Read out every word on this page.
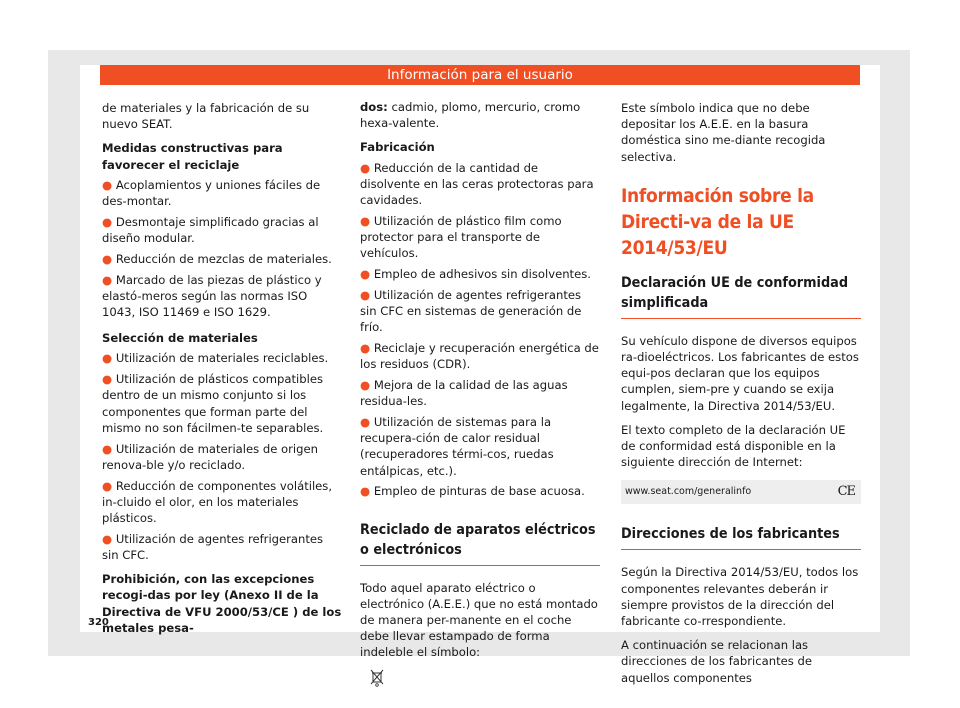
Información para el usuario

de materiales y la fabricación de su nuevo SEAT.

Medidas constructivas para favorecer el reciclaje

● Acoplamientos y uniones fáciles de des-montar.

● Desmontaje simplificado gracias al diseño modular.

● Reducción de mezclas de materiales.

● Marcado de las piezas de plástico y elastó-meros según las normas ISO 1043, ISO 11469 e ISO 1629.

Selección de materiales

● Utilización de materiales reciclables.

● Utilización de plásticos compatibles dentro de un mismo conjunto si los componentes que forman parte del mismo no son fácilmen-te separables.

● Utilización de materiales de origen renova-ble y/o reciclado.

● Reducción de componentes volátiles, in-cluido el olor, en los materiales plásticos.

● Utilización de agentes refrigerantes sin CFC.

Prohibición, con las excepciones recogi-das por ley (Anexo II de la Directiva de VFU 2000/53/CE ) de los metales pesa-

dos: cadmio, plomo, mercurio, cromo hexa-valente.

Fabricación

● Reducción de la cantidad de disolvente en las ceras protectoras para cavidades.

● Utilización de plástico film como protector para el transporte de vehículos.

● Empleo de adhesivos sin disolventes.

● Utilización de agentes refrigerantes sin CFC en sistemas de generación de frío.

● Reciclaje y recuperación energética de los residuos (CDR).

● Mejora de la calidad de las aguas residua-les.

● Utilización de sistemas para la recupera-ción de calor residual (recuperadores térmi-cos, ruedas entálpicas, etc.).

● Empleo de pinturas de base acuosa.

Reciclado de aparatos eléctricos o electrónicos

Todo aquel aparato eléctrico o electrónico (A.E.E.) que no está montado de manera per-manente en el coche debe llevar estampado de forma indeleble el símbolo:

Este símbolo indica que no debe depositar los A.E.E. en la basura doméstica sino me-diante recogida selectiva.

Información sobre la Directi-va de la UE 2014/53/EU
Declaración UE de conformidad simplificada

Su vehículo dispone de diversos equipos ra-dioeléctricos. Los fabricantes de estos equi-pos declaran que los equipos cumplen, siem-pre y cuando se exija legalmente, la Directiva 2014/53/EU.

El texto completo de la declaración UE de conformidad está disponible en la siguiente dirección de Internet:

www.seat.com/generalinfo	CE
Direcciones de los fabricantes

Según la Directiva 2014/53/EU, todos los componentes relevantes deberán ir siempre provistos de la dirección del fabricante co-rrespondiente.

A continuación se relacionan las direcciones de los fabricantes de aquellos componentes

320
